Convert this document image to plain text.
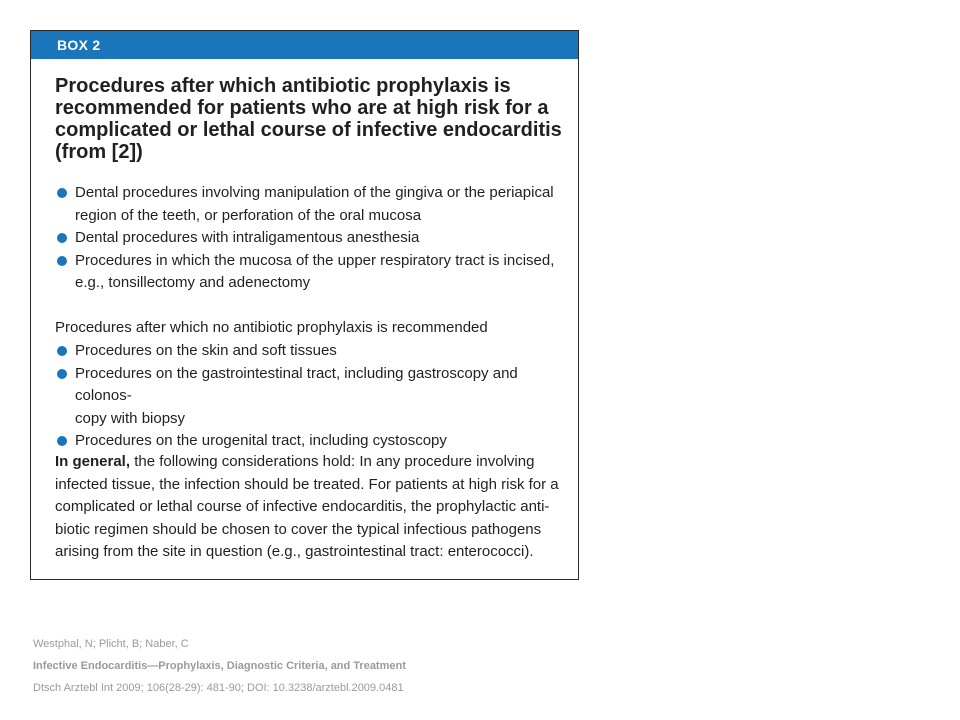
BOX 2
Procedures after which antibiotic prophylaxis is recommended for patients who are at high risk for a complicated or lethal course of infective endocarditis (from [2])
Dental procedures involving manipulation of the gingiva or the periapical
region of the teeth, or perforation of the oral mucosa
Dental procedures with intraligamentous anesthesia
Procedures in which the mucosa of the upper respiratory tract is incised,
e.g., tonsillectomy and adenectomy
Procedures after which no antibiotic prophylaxis is recommended
Procedures on the skin and soft tissues
Procedures on the gastrointestinal tract, including gastroscopy and colonos-
copy with biopsy
Procedures on the urogenital tract, including cystoscopy
In general, the following considerations hold: In any procedure involving
infected tissue, the infection should be treated. For patients at high risk for a
complicated or lethal course of infective endocarditis, the prophylactic anti-
biotic regimen should be chosen to cover the typical infectious pathogens
arising from the site in question (e.g., gastrointestinal tract: enterococci).
Westphal, N; Plicht, B; Naber, C
Infective Endocarditis—Prophylaxis, Diagnostic Criteria, and Treatment
Dtsch Arztebl Int 2009; 106(28-29): 481-90; DOI: 10.3238/arztebl.2009.0481
